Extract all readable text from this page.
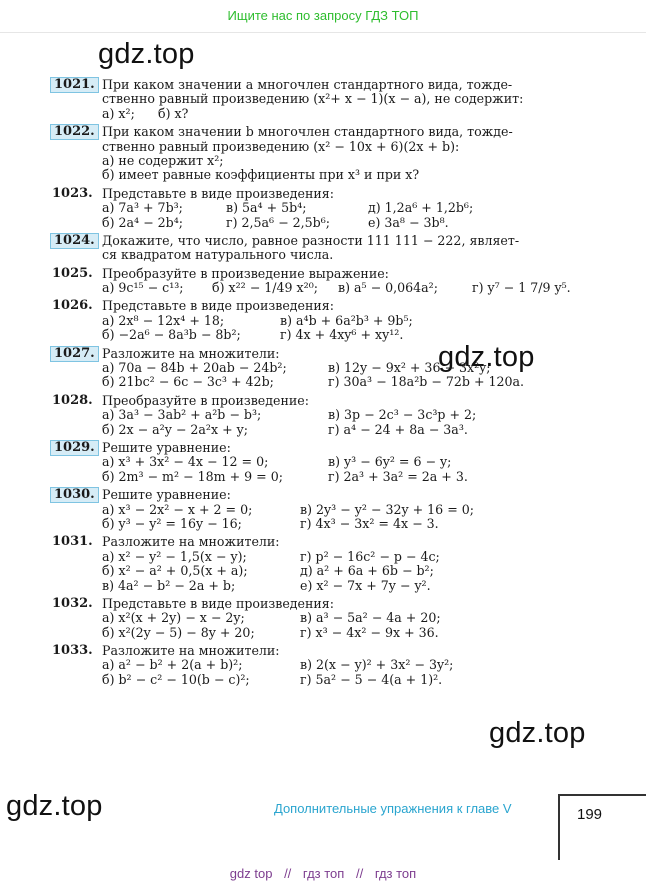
Ищите нас по запросу ГДЗ ТОП
gdz.top
gdz.top
gdz.top
gdz.top
1021. При каком значении a многочлен стандартного вида, тожде-
ственно равный произведению (x²+ x − 1)(x − a), не содержит:
а) x²; б) x?
1022. При каком значении b многочлен стандартного вида, тожде-
ственно равный произведению (x² − 10x + 6)(2x + b):
а) не содержит x²;
б) имеет равные коэффициенты при x³ и при x?
1023. Представьте в виде произведения:
а) 7a³ + 7b³;	в) 5a⁴ + 5b⁴;	д) 1,2a⁶ + 1,2b⁶;
б) 2a⁴ − 2b⁴;	г) 2,5a⁶ − 2,5b⁶;	е) 3a⁸ − 3b⁸.
1024. Докажите, что число, равное разности 111 111 − 222, являет-
ся квадратом натурального числа.
1025. Преобразуйте в произведение выражение:
а) 9c¹⁵ − c¹³; б) x²² − 1/49 x²⁰; в) a⁵ − 0,064a²;	г) y⁷ − 1 7/9 y⁵.
1026. Представьте в виде произведения:
а) 2x⁸ − 12x⁴ + 18;	в) a⁴b + 6a²b³ + 9b⁵;
б) −2a⁶ − 8a³b − 8b²;	г) 4x + 4xy⁶ + xy¹².
1027. Разложите на множители:
а) 70a − 84b + 20ab − 24b²;	в) 12y − 9x² + 36 − 3x²y;
б) 21bc² − 6c − 3c³ + 42b;	г) 30a³ − 18a²b − 72b + 120a.
1028. Преобразуйте в произведение:
а) 3a³ − 3ab² + a²b − b³;	в) 3p − 2c³ − 3c³p + 2;
б) 2x − a²y − 2a²x + y;	г) a⁴ − 24 + 8a − 3a³.
1029. Решите уравнение:
а) x³ + 3x² − 4x − 12 = 0;	в) y³ − 6y² = 6 − y;
б) 2m³ − m² − 18m + 9 = 0;	г) 2a³ + 3a² = 2a + 3.
1030. Решите уравнение:
а) x³ − 2x² − x + 2 = 0;	в) 2y³ − y² − 32y + 16 = 0;
б) y³ − y² = 16y − 16;	г) 4x³ − 3x² = 4x − 3.
1031. Разложите на множители:
а) x² − y² − 1,5(x − y);	г) p² − 16c² − p − 4c;
б) x² − a² + 0,5(x + a);	д) a² + 6a + 6b − b²;
в) 4a² − b² − 2a + b;	е) x² − 7x + 7y − y².
1032. Представьте в виде произведения:
а) x²(x + 2y) − x − 2y;	в) a³ − 5a² − 4a + 20;
б) x²(2y − 5) − 8y + 20;	г) x³ − 4x² − 9x + 36.
1033. Разложите на множители:
а) a² − b² + 2(a + b)²;	в) 2(x − y)² + 3x² − 3y²;
б) b² − c² − 10(b − c)²;	г) 5a² − 5 − 4(a + 1)².
Дополнительные упражнения к главе V	199
gdz top // гдз топ // гдз топ
